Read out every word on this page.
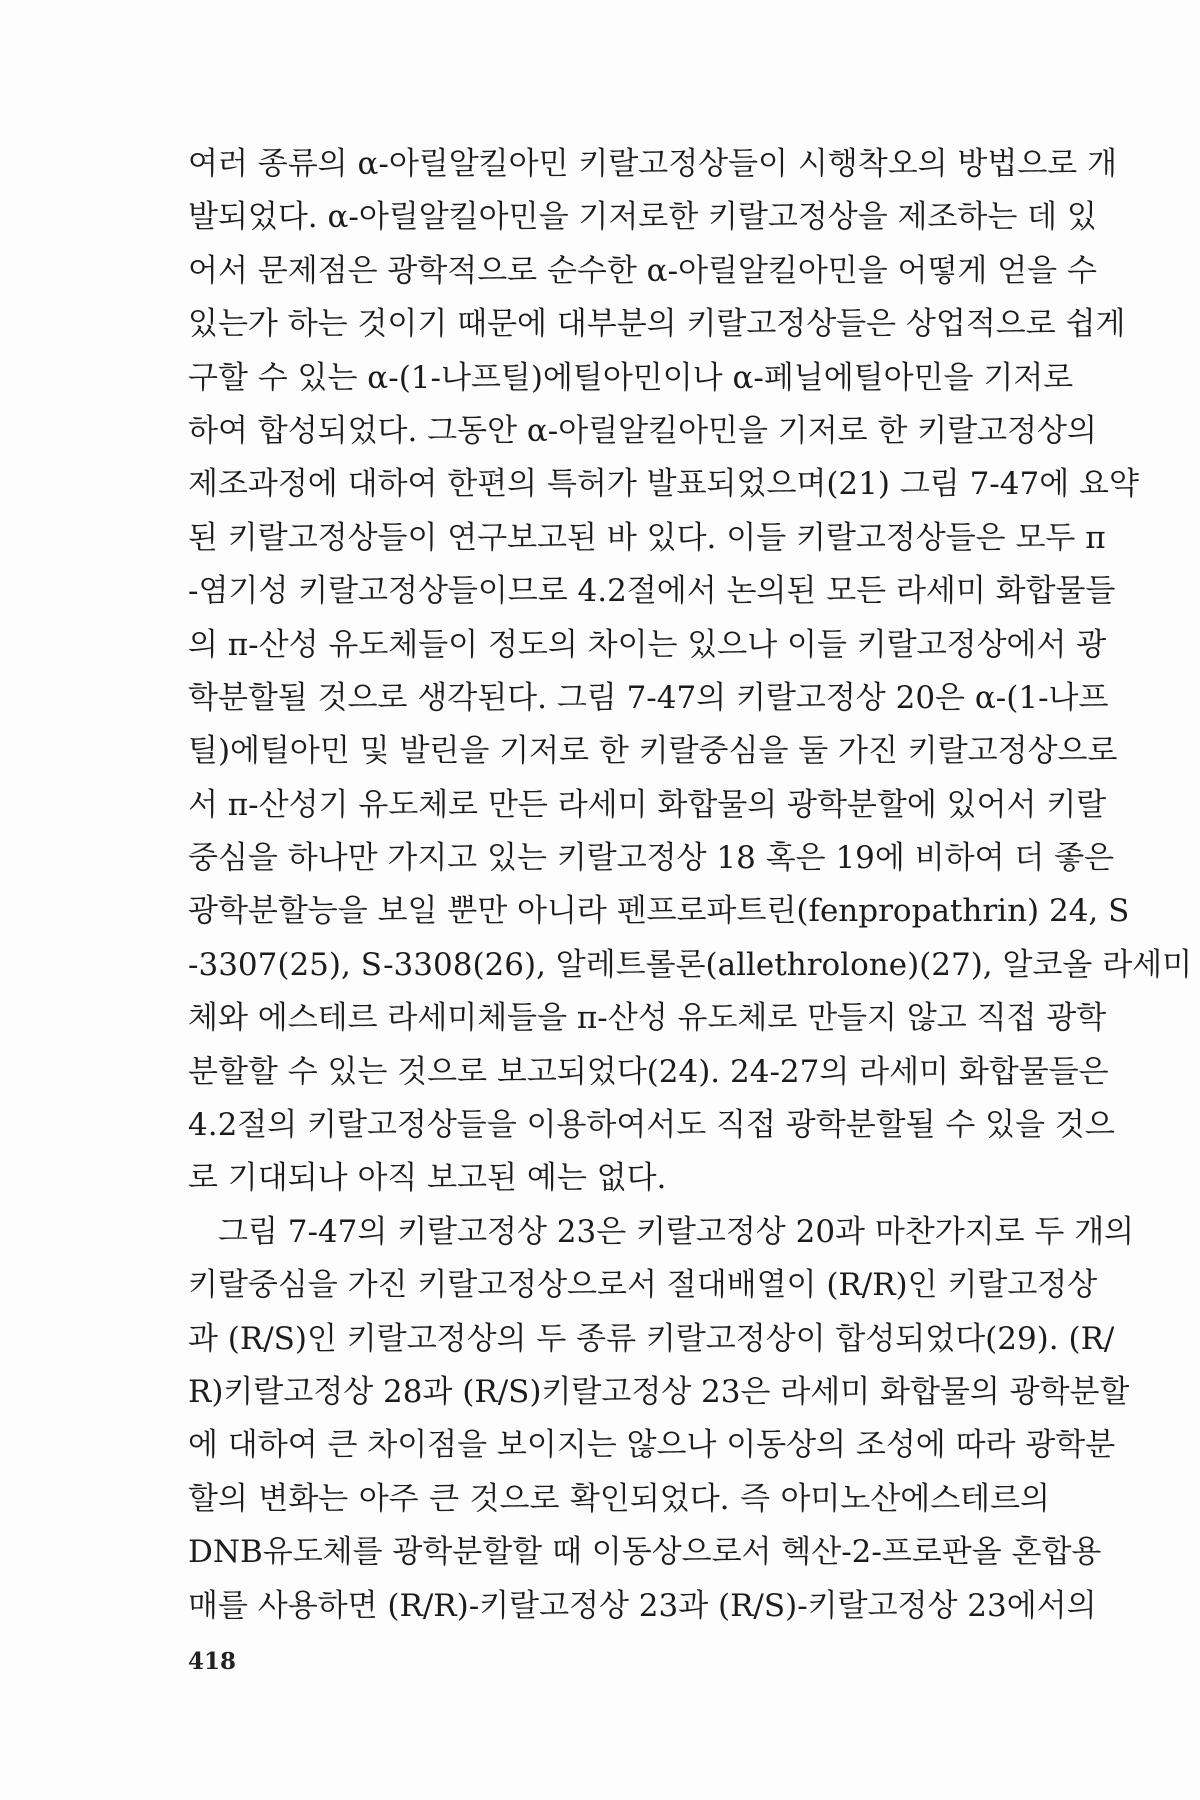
여러 종류의 α-아릴알킬아민 키랄고정상들이 시행착오의 방법으로 개
발되었다. α-아릴알킬아민을 기저로한 키랄고정상을 제조하는 데 있
어서 문제점은 광학적으로 순수한 α-아릴알킬아민을 어떻게 얻을 수
있는가 하는 것이기 때문에 대부분의 키랄고정상들은 상업적으로 쉽게
구할 수 있는 α-(1-나프틸)에틸아민이나 α-페닐에틸아민을 기저로
하여 합성되었다. 그동안 α-아릴알킬아민을 기저로 한 키랄고정상의
제조과정에 대하여 한편의 특허가 발표되었으며(21) 그림 7-47에 요약
된 키랄고정상들이 연구보고된 바 있다. 이들 키랄고정상들은 모두 π
-염기성 키랄고정상들이므로 4.2절에서 논의된 모든 라세미 화합물들
의 π-산성 유도체들이 정도의 차이는 있으나 이들 키랄고정상에서 광
학분할될 것으로 생각된다. 그림 7-47의 키랄고정상 20은 α-(1-나프
틸)에틸아민 및 발린을 기저로 한 키랄중심을 둘 가진 키랄고정상으로
서 π-산성기 유도체로 만든 라세미 화합물의 광학분할에 있어서 키랄
중심을 하나만 가지고 있는 키랄고정상 18 혹은 19에 비하여 더 좋은
광학분할능을 보일 뿐만 아니라 펜프로파트린(fenpropathrin) 24, S
-3307(25), S-3308(26), 알레트롤론(allethrolone)(27), 알코올 라세미
체와 에스테르 라세미체들을 π-산성 유도체로 만들지 않고 직접 광학
분할할 수 있는 것으로 보고되었다(24). 24-27의 라세미 화합물들은
4.2절의 키랄고정상들을 이용하여서도 직접 광학분할될 수 있을 것으
로 기대되나 아직 보고된 예는 없다.
그림 7-47의 키랄고정상 23은 키랄고정상 20과 마찬가지로 두 개의
키랄중심을 가진 키랄고정상으로서 절대배열이 (R/R)인 키랄고정상
과 (R/S)인 키랄고정상의 두 종류 키랄고정상이 합성되었다(29). (R/
R)키랄고정상 28과 (R/S)키랄고정상 23은 라세미 화합물의 광학분할
에 대하여 큰 차이점을 보이지는 않으나 이동상의 조성에 따라 광학분
할의 변화는 아주 큰 것으로 확인되었다. 즉 아미노산에스테르의
DNB유도체를 광학분할할 때 이동상으로서 헥산-2-프로판올 혼합용
매를 사용하면 (R/R)-키랄고정상 23과 (R/S)-키랄고정상 23에서의
418
